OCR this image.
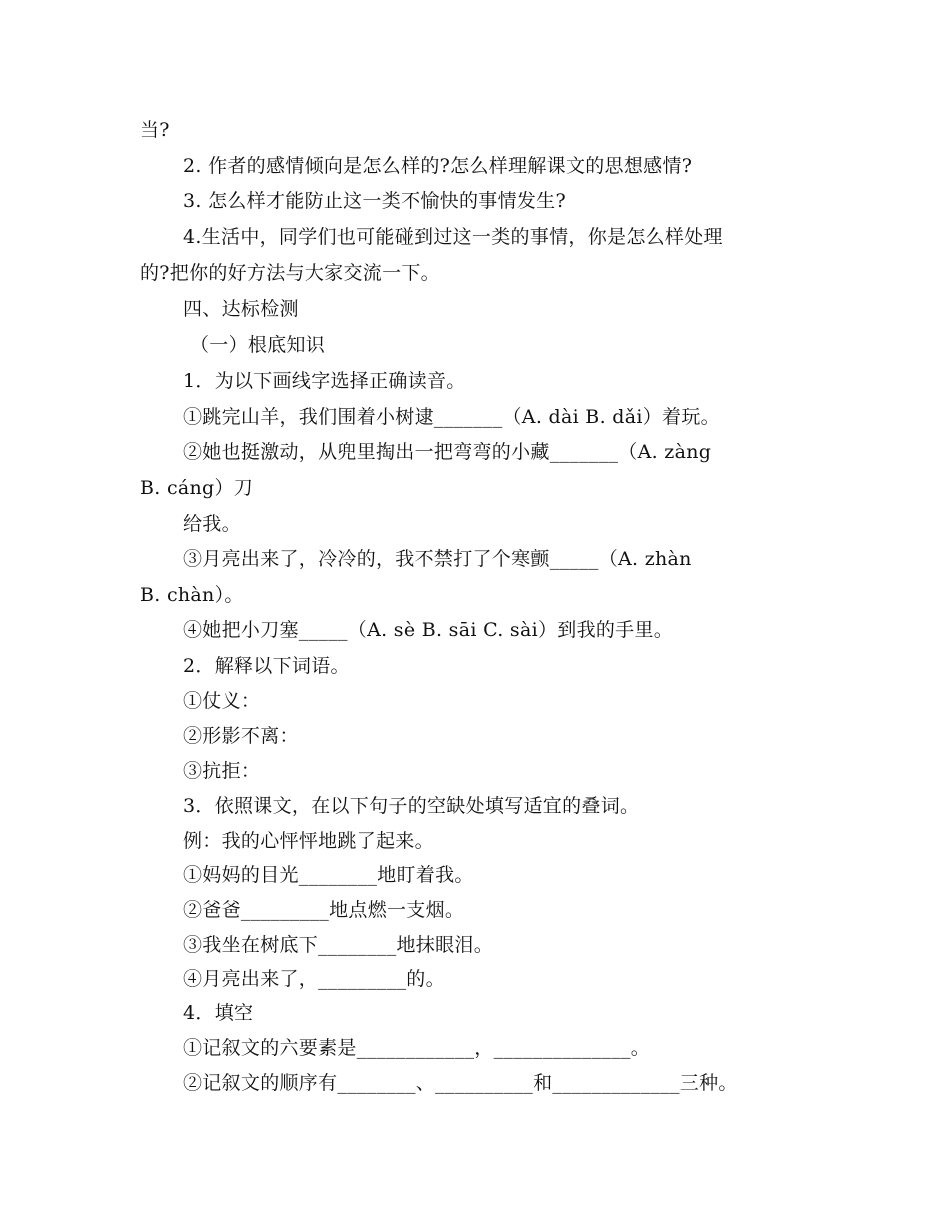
当?
2. 作者的感情倾向是怎么样的?怎么样理解课文的思想感情?
3. 怎么样才能防止这一类不愉快的事情发生?
4.生活中，同学们也可能碰到过这一类的事情，你是怎么样处理
的?把你的好方法与大家交流一下。
四、达标检测
（一）根底知识
1．为以下画线字选择正确读音。
①跳完山羊，我们围着小树逮_______（A. dài B. dǎi）着玩。
②她也挺激动，从兜里掏出一把弯弯的小藏_______（A. zàng
B. cáng）刀
给我。
③月亮出来了，冷冷的，我不禁打了个寒颤_____（A. zhàn
B. chàn）。
④她把小刀塞_____（A. sè B. sāi C. sài）到我的手里。
2．解释以下词语。
①仗义：
②形影不离：
③抗拒：
3．依照课文，在以下句子的空缺处填写适宜的叠词。
例：我的心怦怦地跳了起来。
①妈妈的目光________地盯着我。
②爸爸_________地点燃一支烟。
③我坐在树底下________地抹眼泪。
④月亮出来了，_________的。
4．填空
①记叙文的六要素是____________，______________。
②记叙文的顺序有________、__________和_____________三种。
